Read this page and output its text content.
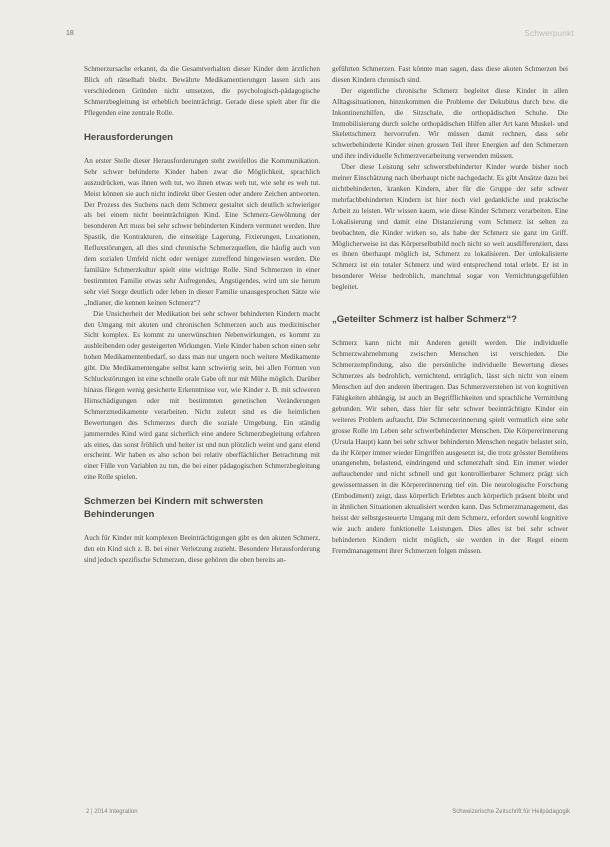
18	Schwerpunkt

Schmerzursache erkannt, da die Gesamtverhalten dieser Kinder dem ärztlichen Blick oft rätselhaft bleibt. Bewährte Medikamentierungen lassen sich aus verschiedenen Gründen nicht umsetzen, die psychologisch-pädagogische Schmerzbegleitung ist erheblich beeinträchtigt. Gerade diese spielt aber für die Pflegenden eine zentrale Rolle.

Herausforderungen

An erster Stelle dieser Herausforderungen steht zweifellos die Kommunikation. Sehr schwer behinderte Kinder haben zwar die Möglichkeit, sprachlich auszudrücken, was ihnen weh tut, wo ihnen etwas weh tut, wie sehr es weh tut. Meist können sie auch nicht indirekt über Gesten oder andere Zeichen antworten. Der Prozess des Suchens nach dem Schmerz gestaltet sich deutlich schwieriger als bei einem nicht beeinträchtigten Kind. Eine Schmerz-Gewöhnung der besonderen Art muss bei sehr schwer behinderten Kindern vermutet werden. Ihre Spastik, die Kontrakturen, die einseitige Lagerung, Fixierungen, Luxationen, Refluxstörungen, all dies sind chronische Schmerzquellen, die häufig auch von dem sozialen Umfeld nicht oder weniger zutreffend hingewiesen werden. Die familiäre Schmerzkultur spielt eine wichtige Rolle. Sind Schmerzen in einer bestimmten Familie etwas sehr Aufregendes, Ängstigendes, wird um sie herum sehr viel Sorge deutlich oder leben in dieser Familie unausgesprochen Sätze wie „Indianer, die kennen keinen Schmerz“?

Die Unsicherheit der Medikation bei sehr schwer behinderten Kindern macht den Umgang mit akuten und chronischen Schmerzen auch aus medizinischer Sicht komplex. Es kommt zu unerwünschten Nebenwirkungen, es kommt zu ausbleibenden oder gesteigerten Wirkungen. Viele Kinder haben schon einen sehr hohen Medikamentenbedarf, so dass man nur ungern noch weitere Medikamente gibt. Die Medikamentengabe selbst kann schwierig sein, bei allen Formen von Schluckstörungen ist eine schnelle orale Gabe oft nur mit Mühe möglich. Darüber hinaus fliegen wenig gesicherte Erkenntnisse vor, wie Kinder z. B. mit schweren Hirnschädigungen oder mit bestimmten genetischen Veränderungen Schmerzmedikamente verarbeiten. Nicht zuletzt sind es die heimlichen Bewertungen des Schmerzes durch die soziale Umgebung. Ein ständig jammerndes Kind wird ganz sicherlich eine andere Schmerzbegleitung erfahren als eines, das sonst fröhlich und heiter ist und nun plötzlich weint und ganz elend erscheint. Wir haben es also schon bei relativ oberflächlicher Betrachtung mit einer Fülle von Variablen zu tun, die bei einer pädagogischen Schmerzbegleitung eine Rolle spielen.

Schmerzen bei Kindern mit schwersten Behinderungen

Auch für Kinder mit komplexen Beeinträchtigungen gibt es den akuten Schmerz, den ein Kind sich z. B. bei einer Verletzung zuzieht. Besondere Herausforderung sind jedoch spezifische Schmerzen, diese gehören die oben bereits an-

geführten Schmerzen. Fast könnte man sagen, dass diese akuten Schmerzen bei diesen Kindern chronisch sind.

Der eigentliche chronische Schmerz begleitet diese Kinder in allen Alltagssituationen, hinzukommen die Probleme der Dekubitus durch bzw. die Inkontinenzhilfen, die Sitzschale, die orthopädischen Schuhe. Die Immobilisierung durch solche orthopädischen Hilfen aller Art kann Muskel- und Skelettschmerz hervorrufen. Wir müssen damit rechnen, dass sehr schwerbehinderte Kinder einen grossen Teil ihrer Energien auf den Schmerzen und ihre individuelle Schmerzverarbeitung verwenden müssen.

Über diese Leistung sehr schwerstbehinderter Kinder wurde bisher noch meiner Einschätzung nach überhaupt nicht nachgedacht. Es gibt Ansätze dazu bei nichtbehinderten, kranken Kindern, aber für die Gruppe der sehr schwer mehrfachbehinderten Kindern ist hier noch viel gedankliche und praktische Arbeit zu leisten. Wir wissen kaum, wie diese Kinder Schmerz verarbeiten. Eine Lokalisierung und damit eine Distanzierung vom Schmerz ist selten zu beobachten, die Kinder wirken so, als habe der Schmerz sie ganz im Griff. Möglicherweise ist das Körperselbstbild noch nicht so weit ausdifferenziert, dass es ihnen überhaupt möglich ist, Schmerz zu lokalisieren. Der unlokalisierte Schmerz ist ein totaler Schmerz und wird entsprechend total erlebt. Er ist in besonderer Weise bedrohlich, manchmal sogar von Vernichtungsgefühlen begleitet.

„Geteilter Schmerz ist halber Schmerz“?

Schmerz kann nicht mit Anderen geteilt werden. Die individuelle Schmerzwahrnehmung zwischen Menschen ist verschieden. Die Schmerzempfindung, also die persönliche individuelle Bewertung dieses Schmerzes als bedrohlich, vernichtend, erträglich, lässt sich nicht von einem Menschen auf den anderen übertragen. Das Schmerzverstehen ist von kognitiven Fähigkeiten abhängig, ist auch an Begrifflichkeiten und sprachliche Vermittlung gebunden. Wir sehen, dass hier für sehr schwer beeinträchtigte Kinder ein weiteres Problem auftaucht. Die Schmerzerinnerung spielt vermutlich eine sehr grosse Rolle im Leben sehr schwerbehinderter Menschen. Die Körpererinnerung (Ursula Haupt) kann bei sehr schwer behinderten Menschen negativ belastet sein, da ihr Körper immer wieder Eingriffen ausgesetzt ist, die trotz grösster Bemühens unangenehm, belastend, eindringend und schmerzhaft sind. Ein immer wieder auftauchender und nicht schnell und gut kontrollierbarer Schmerz prägt sich gewissermassen in die Körpererinnerung tief ein. Die neurologische Forschung (Embodiment) zeigt, dass körperlich Erlebtes auch körperlich präsent bleibt und in ähnlichen Situationen aktualisiert werden kann. Das Schmerzmanagement, das heisst der selbstgesteuerte Umgang mit dem Schmerz, erfordert sowohl kognitive wie auch andere funktionelle Leistungen. Dies alles ist bei sehr schwer behinderten Kindern nicht möglich, sie werden in der Regel einem Fremdmanagement ihrer Schmerzen folgen müssen.

2 | 2014 Integration	Schweizerische Zeitschrift für Heilpädagogik
